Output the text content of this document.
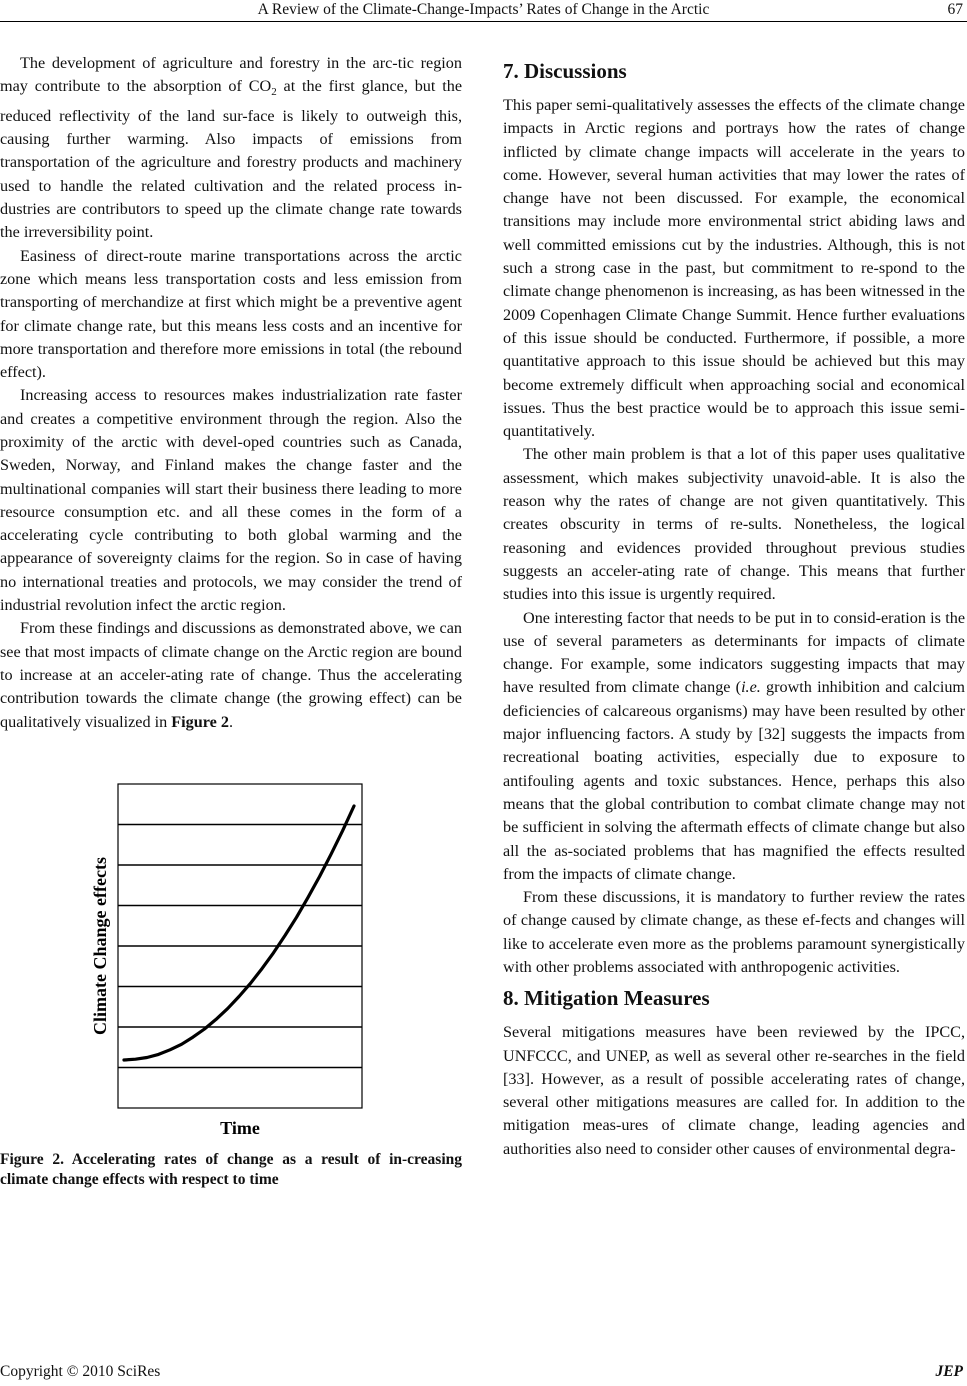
A Review of the Climate-Change-Impacts’ Rates of Change in the Arctic	67

The development of agriculture and forestry in the arc-tic region may contribute to the absorption of $CO_2$ at the first glance, but the reduced reflectivity of the land sur-face is likely to outweigh this, causing further warming. Also impacts of emissions from transportation of the agriculture and forestry products and machinery used to handle the related cultivation and the related process in-dustries are contributors to speed up the climate change rate towards the irreversibility point.

Easiness of direct-route marine transportations across the arctic zone which means less transportation costs and less emission from transporting of merchandize at first which might be a preventive agent for climate change rate, but this means less costs and an incentive for more transportation and therefore more emissions in total (the rebound effect).

Increasing access to resources makes industrialization rate faster and creates a competitive environment through the region. Also the proximity of the arctic with devel-oped countries such as Canada, Sweden, Norway, and Finland makes the change faster and the multinational companies will start their business there leading to more resource consumption etc. and all these comes in the form of a accelerating cycle contributing to both global warming and the appearance of sovereignty claims for the region. So in case of having no international treaties and protocols, we may consider the trend of industrial revolution infect the arctic region.

From these findings and discussions as demonstrated above, we can see that most impacts of climate change on the Arctic region are bound to increase at an acceler-ating rate of change. Thus the accelerating contribution towards the climate change (the growing effect) can be qualitatively visualized in Figure 2.

Time
Climate Change effects
Figure 2. Accelerating rates of change as a result of in-creasing climate change effects with respect to time
7. Discussions

This paper semi-qualitatively assesses the effects of the climate change impacts in Arctic regions and portrays how the rates of change inflicted by climate change impacts will accelerate in the years to come. However, several human activities that may lower the rates of change have not been discussed. For example, the economical transitions may include more environmental strict abiding laws and well committed emissions cut by the industries. Although, this is not such a strong case in the past, but commitment to re-spond to the climate change phenomenon is increasing, as has been witnessed in the 2009 Copenhagen Climate Change Summit. Hence further evaluations of this issue should be conducted. Furthermore, if possible, a more quantitative approach to this issue should be achieved but this may become extremely difficult when approaching social and economical issues. Thus the best practice would be to approach this issue semi-quantitatively.

The other main problem is that a lot of this paper uses qualitative assessment, which makes subjectivity unavoid-able. It is also the reason why the rates of change are not given quantitatively. This creates obscurity in terms of re-sults. Nonetheless, the logical reasoning and evidences provided throughout previous studies suggests an acceler-ating rate of change. This means that further studies into this issue is urgently required.

One interesting factor that needs to be put in to consid-eration is the use of several parameters as determinants for impacts of climate change. For example, some indicators suggesting impacts that may have resulted from climate change (i.e. growth inhibition and calcium deficiencies of calcareous organisms) may have been resulted by other major influencing factors. A study by [32] suggests the impacts from recreational boating activities, especially due to exposure to antifouling agents and toxic substances. Hence, perhaps this also means that the global contribution to combat climate change may not be sufficient in solving the aftermath effects of climate change but also all the as-sociated problems that has magnified the effects resulted from the impacts of climate change.

From these discussions, it is mandatory to further review the rates of change caused by climate change, as these ef-fects and changes will like to accelerate even more as the problems paramount synergistically with other problems associated with anthropogenic activities.

8. Mitigation Measures

Several mitigations measures have been reviewed by the IPCC, UNFCCC, and UNEP, as well as several other re-searches in the field [33]. However, as a result of possible accelerating rates of change, several other mitigations measures are called for. In addition to the mitigation meas-ures of climate change, leading agencies and authorities also need to consider other causes of environmental degra-

Copyright © 2010 SciRes	JEP
